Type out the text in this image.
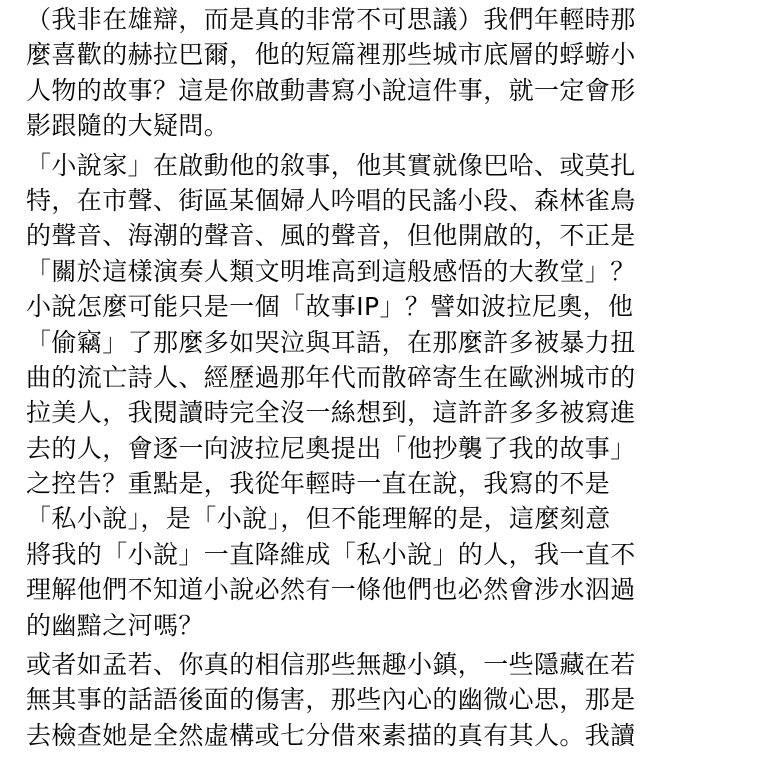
（我非在雄辯，而是真的非常不可思議）我們年輕時那
麼喜歡的赫拉巴爾，他的短篇裡那些城市底層的蜉蝣小
人物的故事？這是你啟動書寫小說這件事，就一定會形
影跟隨的大疑問。
「小說家」在啟動他的敘事，他其實就像巴哈、或莫扎
特，在市聲、街區某個婦人吟唱的民謠小段、森林雀鳥
的聲音、海潮的聲音、風的聲音，但他開啟的，不正是
「關於這樣演奏人類文明堆高到這般感悟的大教堂」？
小說怎麼可能只是一個「故事IP」？譬如波拉尼奧，他
「偷竊」了那麼多如哭泣與耳語，在那麼許多被暴力扭
曲的流亡詩人、經歷過那年代而散碎寄生在歐洲城市的
拉美人，我閱讀時完全沒一絲想到，這許許多多被寫進
去的人，會逐一向波拉尼奧提出「他抄襲了我的故事」
之控告？重點是，我從年輕時一直在說，我寫的不是
「私小說」，是「小說」，但不能理解的是，這麼刻意
將我的「小說」一直降維成「私小說」的人，我一直不
理解他們不知道小說必然有一條他們也必然會涉水泅過
的幽黯之河嗎？
或者如孟若、你真的相信那些無趣小鎮，一些隱藏在若
無其事的話語後面的傷害，那些內心的幽微心思，那是
去檢查她是全然虛構或七分借來素描的真有其人。我讀
